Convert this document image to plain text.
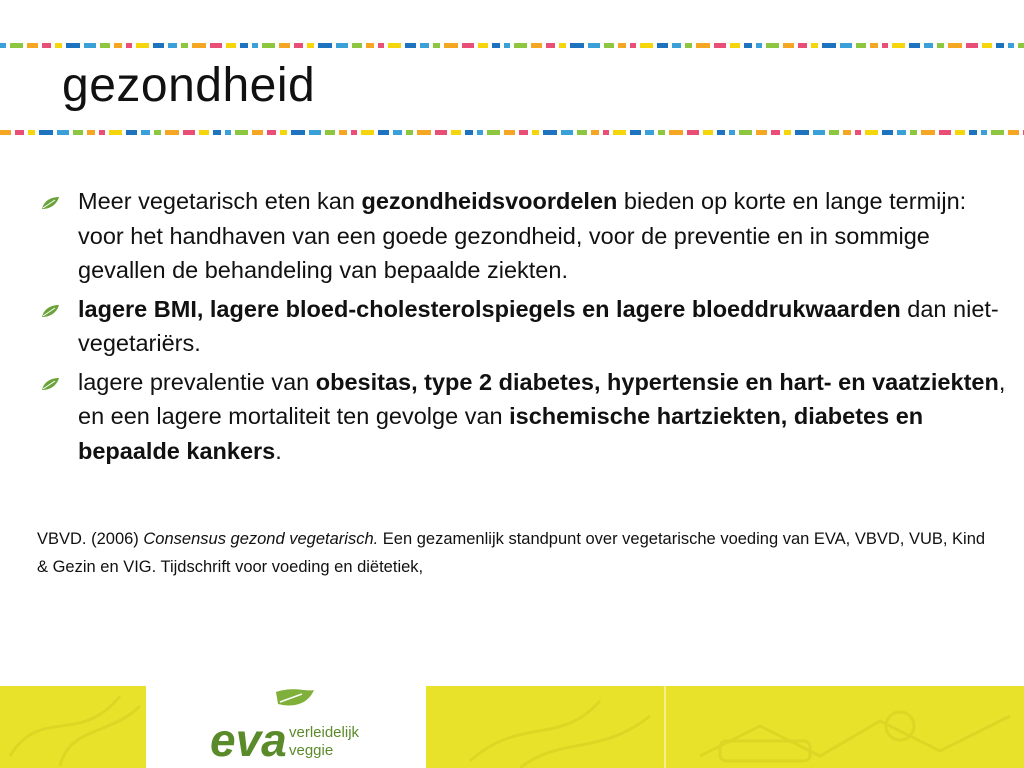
gezondheid
Meer vegetarisch eten kan gezondheidsvoordelen bieden op korte en lange termijn: voor het handhaven van een goede gezondheid, voor de preventie en in sommige gevallen de behandeling van bepaalde ziekten.
lagere BMI, lagere bloed-cholesterolspiegels en lagere bloeddrukwaarden dan niet-vegetariërs.
lagere prevalentie van obesitas, type 2 diabetes, hypertensie en hart- en vaatziekten, en een lagere mortaliteit ten gevolge van ischemische hartziekten, diabetes en bepaalde kankers.

VBVD. (2006) Consensus gezond vegetarisch. Een gezamenlijk standpunt over vegetarische voeding van EVA, VBVD, VUB, Kind & Gezin en VIG. Tijdschrift voor voeding en diëtetiek,

eva verleidelijk
veggie
